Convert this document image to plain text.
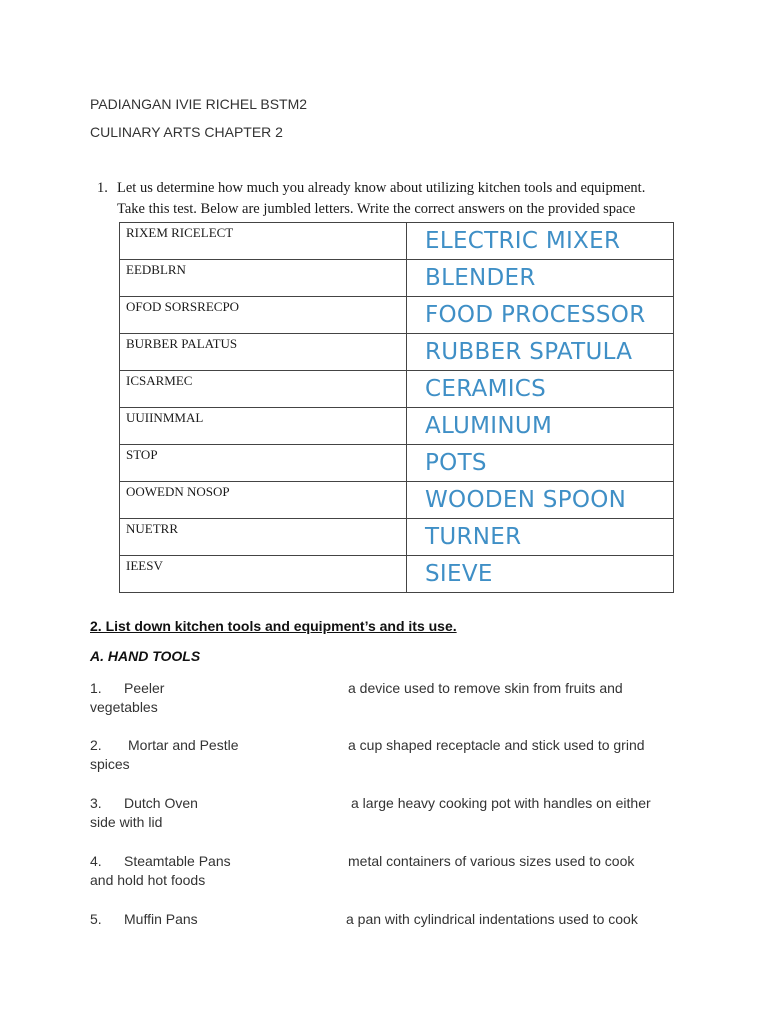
PADIANGAN IVIE RICHEL BSTM2
CULINARY ARTS CHAPTER 2
1. Let us determine how much you already know about utilizing kitchen tools and equipment.
Take this test. Below are jumbled letters. Write the correct answers on the provided space
RIXEM RICELECT	ELECTRIC MIXER
EEDBLRN	BLENDER
OFOD SORSRECPO	FOOD PROCESSOR
BURBER PALATUS	RUBBER SPATULA
ICSARMEC	CERAMICS
UUIINMMAL	ALUMINUM
STOP	POTS
OOWEDN NOSOP	WOODEN SPOON
NUETRR	TURNER
IEESV	SIEVE
2. List down kitchen tools and equipment’s and its use.
A. HAND TOOLS
1. Peeler	a device used to remove skin from fruits and
vegetables
2. Mortar and Pestle	a cup shaped receptacle and stick used to grind
spices
3. Dutch Oven	a large heavy cooking pot with handles on either
side with lid
4. Steamtable Pans	metal containers of various sizes used to cook
and hold hot foods
5. Muffin Pans	a pan with cylindrical indentations used to cook
